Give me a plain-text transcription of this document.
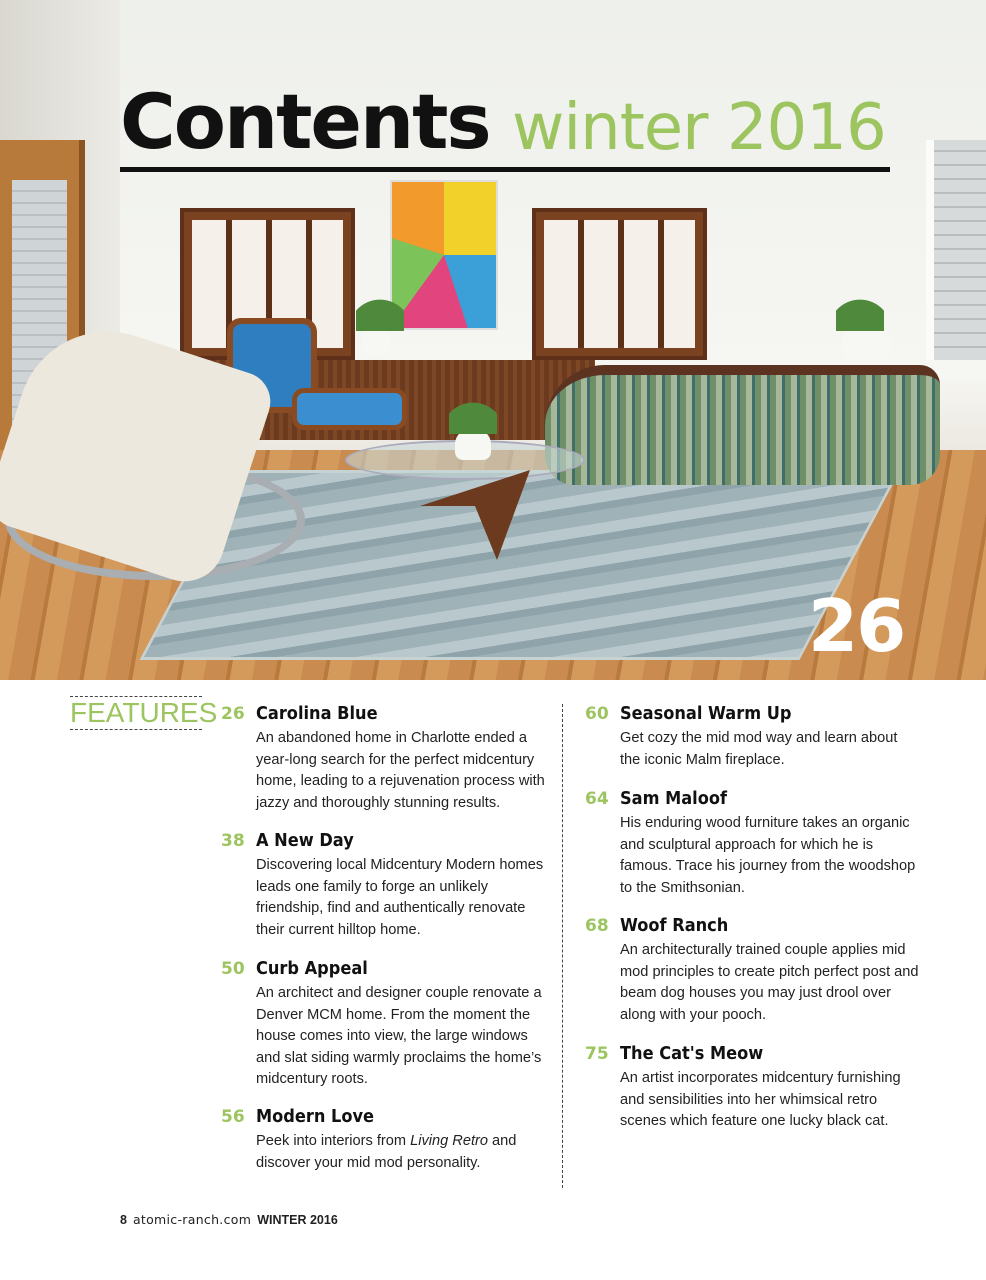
Contents winter 2016
26
FEATURES 26 Carolina Blue
An abandoned home in Charlotte ended a year-long search for the perfect midcentury home, leading to a rejuvenation process with jazzy and thoroughly stunning results.
38 A New Day
Discovering local Midcentury Modern homes leads one family to forge an unlikely friendship, find and authentically renovate their current hilltop home.
50 Curb Appeal
An architect and designer couple renovate a Denver MCM home. From the moment the house comes into view, the large windows and slat siding warmly proclaims the home’s midcentury roots.
56 Modern Love
Peek into interiors from Living Retro and discover your mid mod personality.
60 Seasonal Warm Up
Get cozy the mid mod way and learn about the iconic Malm fireplace.
64 Sam Maloof
His enduring wood furniture takes an organic and sculptural approach for which he is famous. Trace his journey from the woodshop to the Smithsonian.
68 Woof Ranch
An architecturally trained couple applies mid mod principles to create pitch perfect post and beam dog houses you may just drool over along with your pooch.
75 The Cat's Meow
An artist incorporates midcentury furnishing and sensibilities into her whimsical retro scenes which feature one lucky black cat.
8 atomic-ranch.com WINTER 2016
